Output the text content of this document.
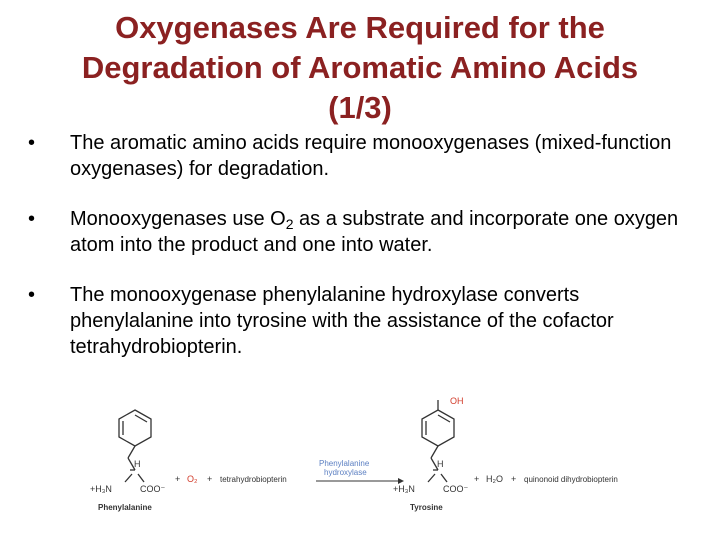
Oxygenases Are Required for the
Degradation of Aromatic Amino Acids
(1/3)
•	The aromatic amino acids require monooxygenases (mixed-function oxygenases) for degradation.
•	Monooxygenases use $O_2$ as a substrate and incorporate one oxygen atom into the product and one into water.
•	The monooxygenase phenylalanine hydroxylase converts phenylalanine into tyrosine with the assistance of the cofactor tetrahydrobiopterin.
H
+H₃N	COO⁻
Phenylalanine
+ O₂ + tetrahydrobiopterin
Phenylalanine
hydroxylase
OH
H
+H₃N	COO⁻
Tyrosine
+ H₂O + quinonoid dihydrobiopterin
